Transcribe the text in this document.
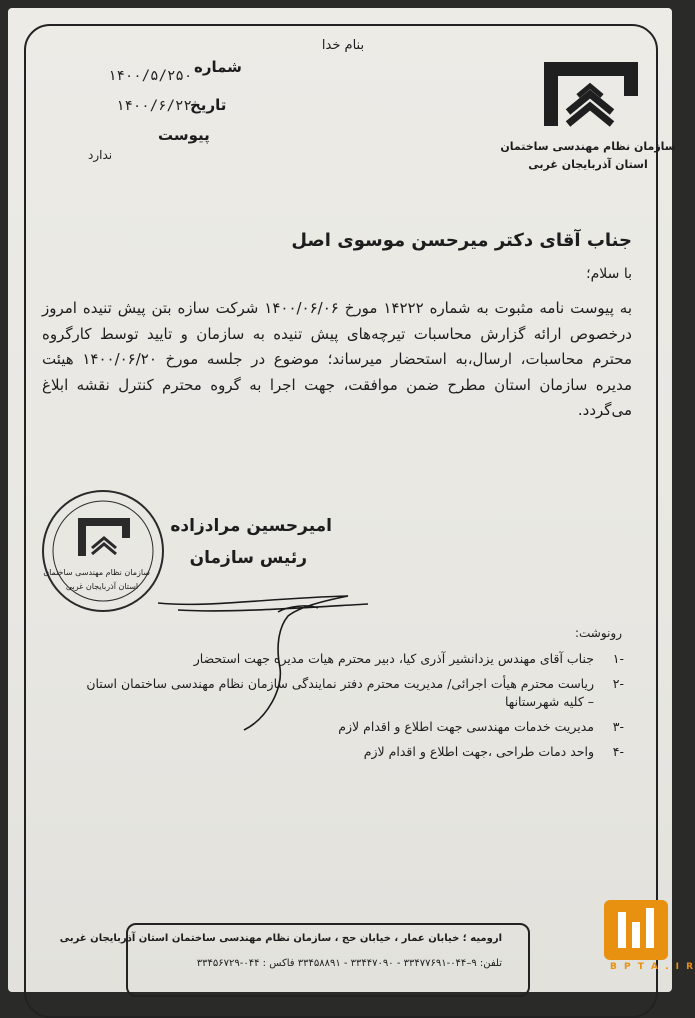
بنام خدا
شماره
۱۴۰۰/۵/۲۵۰
تاریخ
۱۴۰۰/۶/۲۲
پیوست
ندارد
سازمان نظام مهندسی ساختمان
استان آذربایجان غربی
جناب آقای دکتر میرحسن موسوی اصل
با سلام؛
به پیوست نامه مثبوت به شماره ۱۴۲۲۲ مورخ ۱۴۰۰/۰۶/۰۶ شرکت سازه بتن پیش تنیده امروز درخصوص ارائه گزارش محاسبات تیرچه‌های پیش تنیده به سازمان و تایید توسط کارگروه محترم محاسبات، ارسال،به استحضار میرساند؛ موضوع در جلسه مورخ ۱۴۰۰/۰۶/۲۰ هیئت مدیره سازمان استان مطرح ضمن موافقت، جهت اجرا به گروه محترم کنترل نقشه ابلاغ می‌گردد.
سازمان نظام مهندسی ساختمان
استان آذربایجان غربی
امیرحسین مرادزاده
رئیس سازمان
رونوشت:
-۱
جناب آقای مهندس یزدانشیر آذری کیا، دبیر محترم هیات مدیره جهت استحضار
-۲
ریاست محترم هیأت اجرائی/ مدیریت محترم دفتر نمایندگی سازمان نظام مهندسی ساختمان استان – کلیه شهرستانها
-۳
مدیریت خدمات مهندسی جهت اطلاع و اقدام لازم
-۴
واحد دمات طراحی ،جهت اطلاع و اقدام لازم
ارومیه ؛ خیابان عمار ، خیابان حج ، سازمان نظام مهندسی ساختمان استان آذربایجان غربی
تلفن: ۹–۰۴۴-۳۳۴۷۷۶۹۱ - ۳۳۴۴۷۰۹۰ - ۳۳۴۵۸۸۹۱ فاکس : ۰۴۴-۳۳۴۵۶۷۲۹	B P T A . I R
